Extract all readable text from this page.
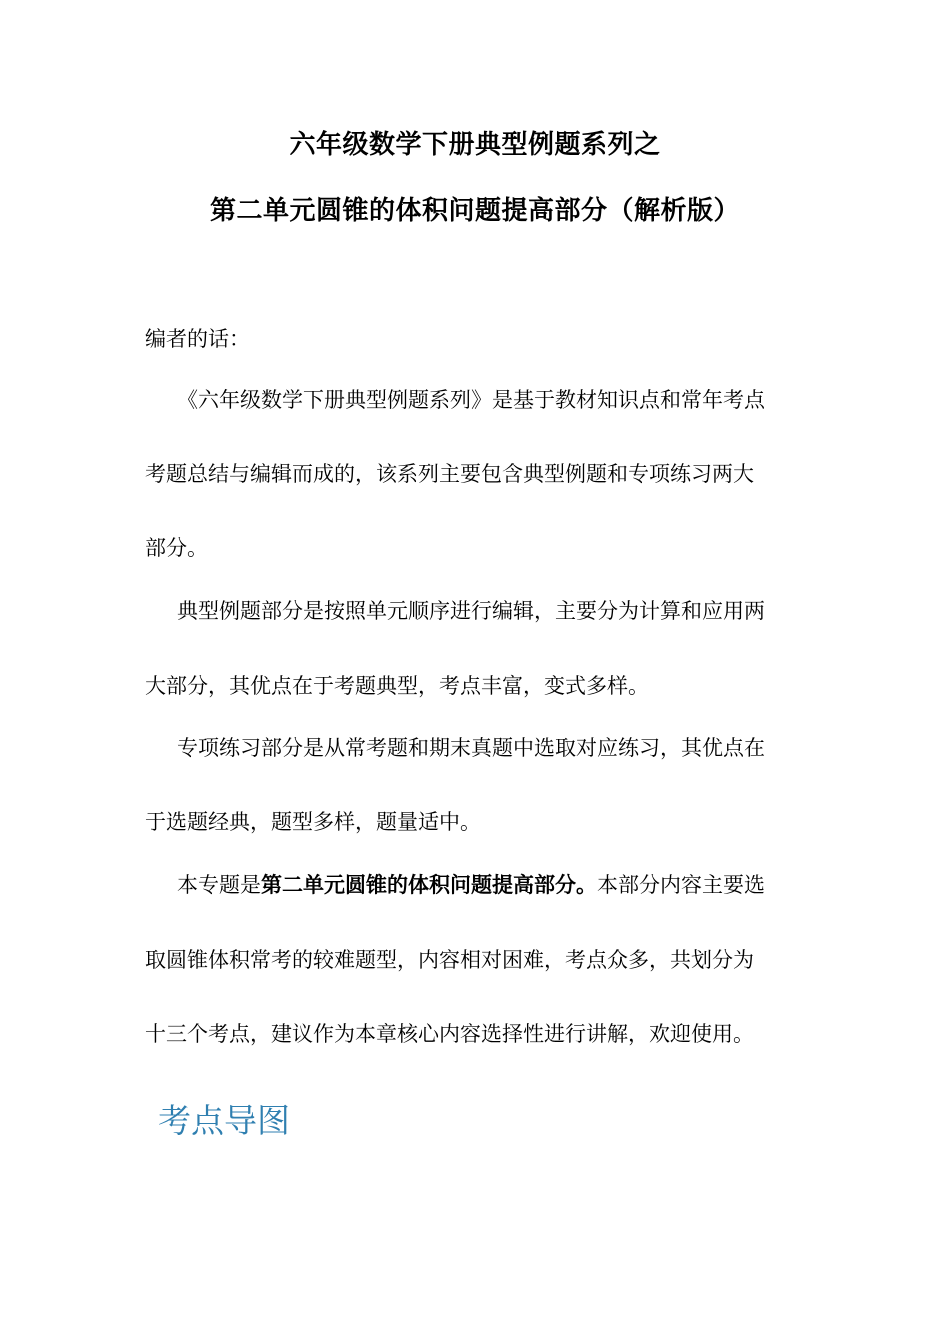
六年级数学下册典型例题系列之
第二单元圆锥的体积问题提高部分（解析版）
编者的话：
《六年级数学下册典型例题系列》是基于教材知识点和常年考点
考题总结与编辑而成的，该系列主要包含典型例题和专项练习两大
部分。
典型例题部分是按照单元顺序进行编辑，主要分为计算和应用两
大部分，其优点在于考题典型，考点丰富，变式多样。
专项练习部分是从常考题和期末真题中选取对应练习，其优点在
于选题经典，题型多样，题量适中。
本专题是第二单元圆锥的体积问题提高部分。本部分内容主要选
取圆锥体积常考的较难题型，内容相对困难，考点众多，共划分为
十三个考点，建议作为本章核心内容选择性进行讲解，欢迎使用。
考点导图
